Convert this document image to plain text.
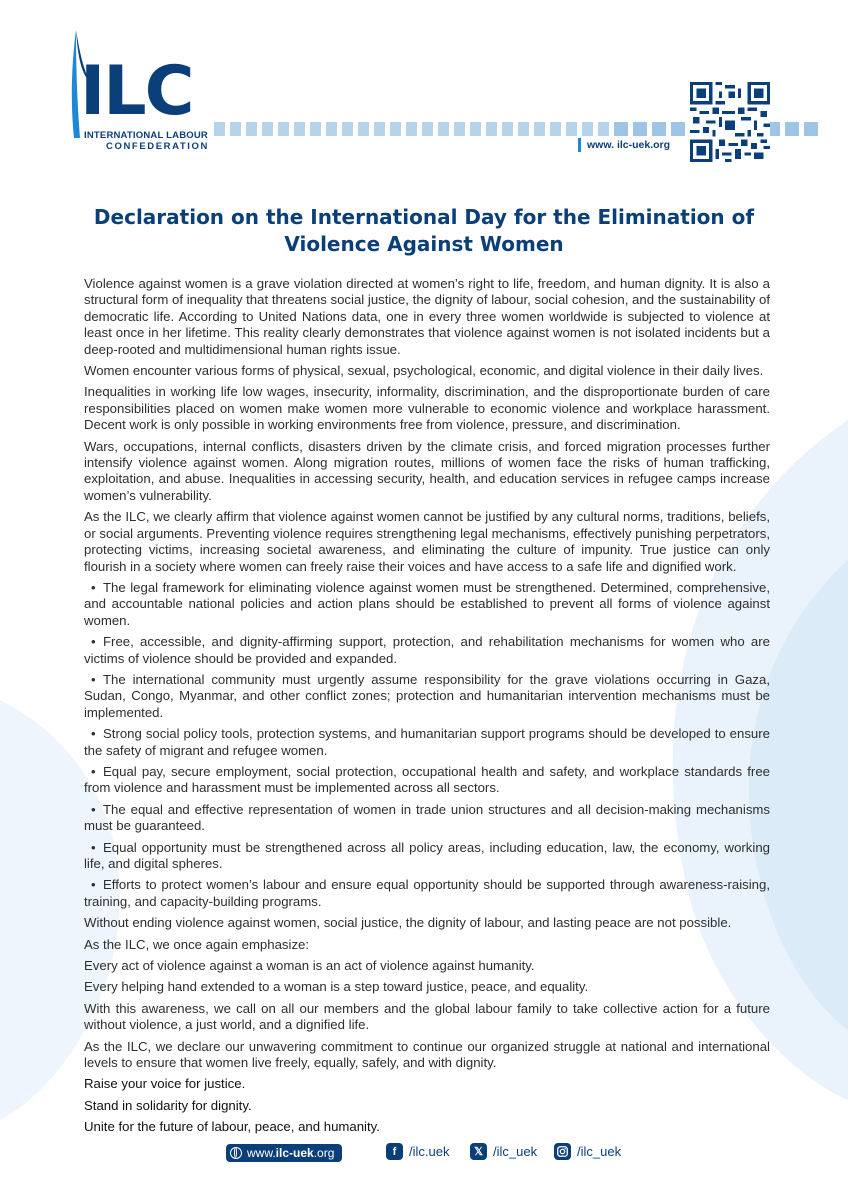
ILC
INTERNATIONAL LABOUR
CONFEDERATION	www. ilc-uek.org
Declaration on the International Day for the Elimination of Violence Against Women

Violence against women is a grave violation directed at women’s right to life, freedom, and human dignity. It is also a structural form of inequality that threatens social justice, the dignity of labour, social cohesion, and the sustainability of democratic life. According to United Nations data, one in every three women worldwide is subjected to violence at least once in her lifetime. This reality clearly demonstrates that violence against women is not isolated incidents but a deep-rooted and multidimensional human rights issue.

Women encounter various forms of physical, sexual, psychological, economic, and digital violence in their daily lives.

Inequalities in working life low wages, insecurity, informality, discrimination, and the disproportionate burden of care responsibilities placed on women make women more vulnerable to economic violence and workplace harassment. Decent work is only possible in working environments free from violence, pressure, and discrimination.

Wars, occupations, internal conflicts, disasters driven by the climate crisis, and forced migration processes further intensify violence against women. Along migration routes, millions of women face the risks of human trafficking, exploitation, and abuse. Inequalities in accessing security, health, and education services in refugee camps increase women’s vulnerability.

As the ILC, we clearly affirm that violence against women cannot be justified by any cultural norms, traditions, beliefs, or social arguments. Preventing violence requires strengthening legal mechanisms, effectively punishing perpetrators, protecting victims, increasing societal awareness, and eliminating the culture of impunity. True justice can only flourish in a society where women can freely raise their voices and have access to a safe life and dignified work.

• The legal framework for eliminating violence against women must be strengthened. Determined, comprehensive, and accountable national policies and action plans should be established to prevent all forms of violence against women.
• Free, accessible, and dignity-affirming support, protection, and rehabilitation mechanisms for women who are victims of violence should be provided and expanded.
• The international community must urgently assume responsibility for the grave violations occurring in Gaza, Sudan, Congo, Myanmar, and other conflict zones; protection and humanitarian intervention mechanisms must be implemented.
• Strong social policy tools, protection systems, and humanitarian support programs should be developed to ensure the safety of migrant and refugee women.
• Equal pay, secure employment, social protection, occupational health and safety, and workplace standards free from violence and harassment must be implemented across all sectors.
• The equal and effective representation of women in trade union structures and all decision-making mechanisms must be guaranteed.
• Equal opportunity must be strengthened across all policy areas, including education, law, the economy, working life, and digital spheres.
• Efforts to protect women’s labour and ensure equal opportunity should be supported through awareness-raising, training, and capacity-building programs.

Without ending violence against women, social justice, the dignity of labour, and lasting peace are not possible.

As the ILC, we once again emphasize:

Every act of violence against a woman is an act of violence against humanity.

Every helping hand extended to a woman is a step toward justice, peace, and equality.

With this awareness, we call on all our members and the global labour family to take collective action for a future without violence, a just world, and a dignified life.

As the ILC, we declare our unwavering commitment to continue our organized struggle at national and international levels to ensure that women live freely, equally, safely, and with dignity.

Raise your voice for justice.

Stand in solidarity for dignity.

Unite for the future of labour, peace, and humanity.

www.ilc-uek.org	f /ilc.uek	𝕏 /ilc_uek	/ilc_uek
